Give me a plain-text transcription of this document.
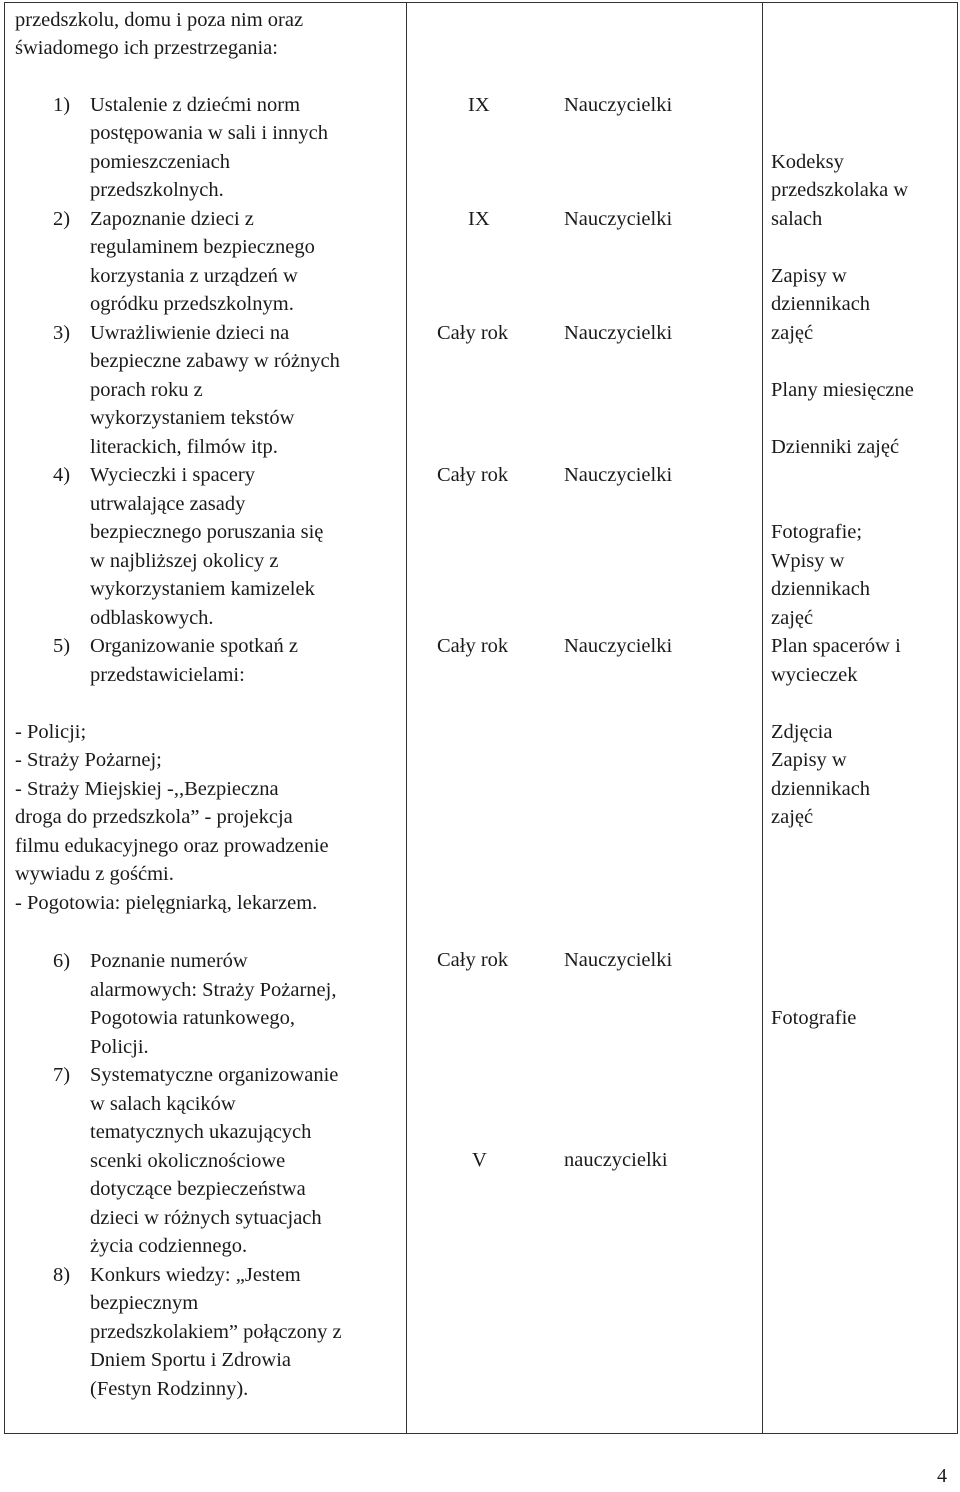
przedszkolu, domu i poza nim oraz
świadomego ich przestrzegania:
1) Ustalenie z dziećmi norm
postępowania w sali i innych
pomieszczeniach
przedszkolnych.
2) Zapoznanie dzieci z
regulaminem bezpiecznego
korzystania z urządzeń w
ogródku przedszkolnym.
3) Uwrażliwienie dzieci na
bezpieczne zabawy w różnych
porach roku z
wykorzystaniem tekstów
literackich, filmów itp.
4) Wycieczki i spacery
utrwalające zasady
bezpiecznego poruszania się
w najbliższej okolicy z
wykorzystaniem kamizelek
odblaskowych.
5) Organizowanie spotkań z
przedstawicielami:
- Policji;
- Straży Pożarnej;
- Straży Miejskiej -,,Bezpieczna
droga do przedszkola” - projekcja
filmu edukacyjnego oraz prowadzenie
wywiadu z gośćmi.
- Pogotowia: pielęgniarką, lekarzem.
6) Poznanie numerów
alarmowych: Straży Pożarnej,
Pogotowia ratunkowego,
Policji.
7) Systematyczne organizowanie
w salach kącików
tematycznych ukazujących
scenki okolicznościowe
dotyczące bezpieczeństwa
dzieci w różnych sytuacjach
życia codziennego.
8) Konkurs wiedzy: „Jestem
bezpiecznym
przedszkolakiem” połączony z
Dniem Sportu i Zdrowia
(Festyn Rodzinny).
IX
IX
Cały rok
Cały rok
Cały rok
Cały rok
V
Nauczycielki
Nauczycielki
Nauczycielki
Nauczycielki
Nauczycielki
Nauczycielki
nauczycielki
Kodeksy
przedszkolaka w
salach
Zapisy w
dziennikach
zajęć
Plany miesięczne
Dzienniki zajęć
Fotografie;
Wpisy w
dziennikach
zajęć
Plan spacerów i
wycieczek
Zdjęcia
Zapisy w
dziennikach
zajęć
Fotografie
4
